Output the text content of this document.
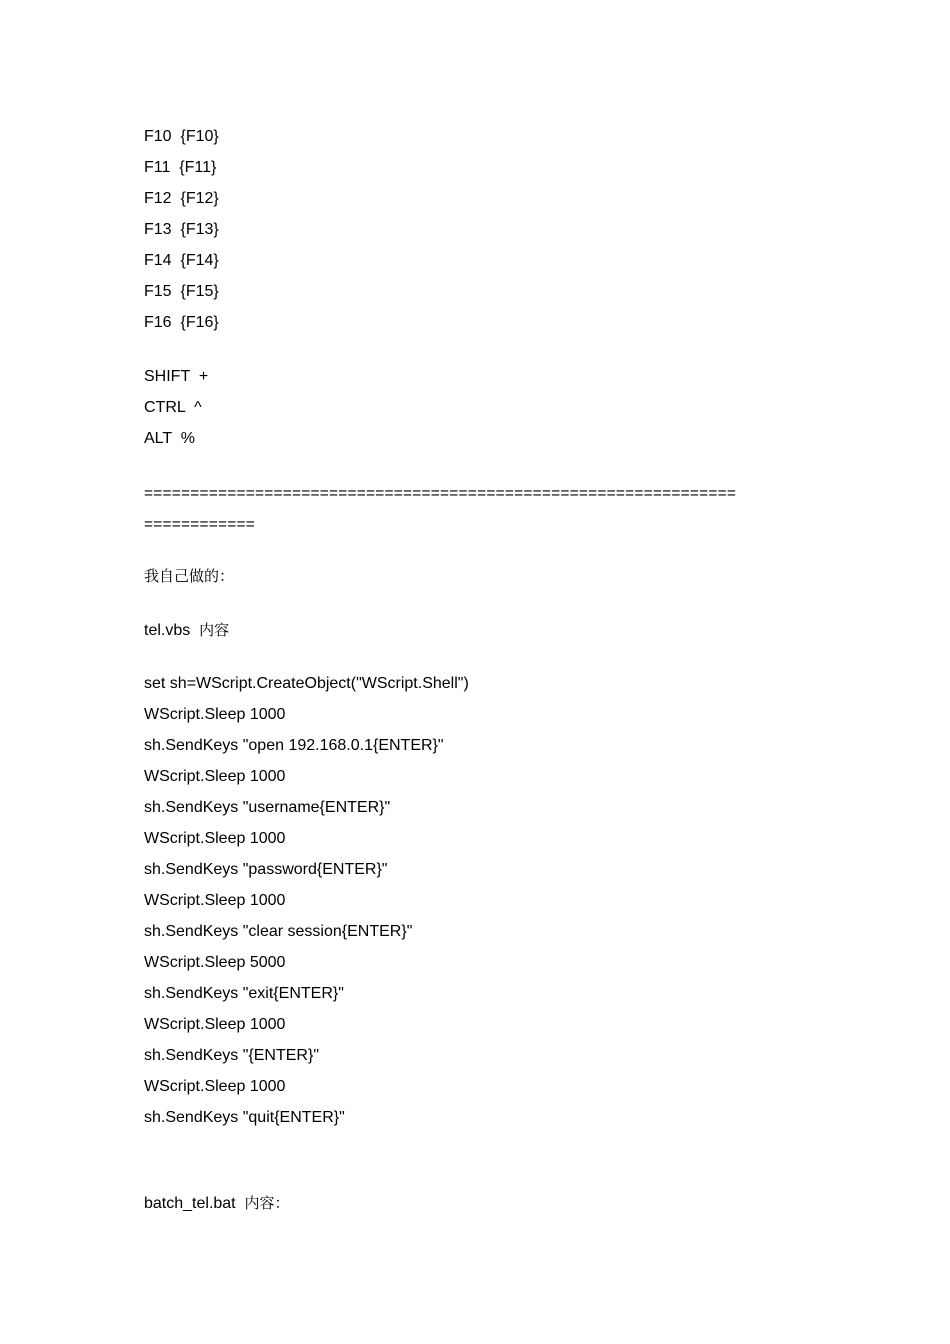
F10 {F10}
F11 {F11}
F12 {F12}
F13 {F13}
F14 {F14}
F15 {F15}
F16 {F16}
SHIFT +
CTRL ^
ALT %
================================================================
============
我自己做的：
tel.vbs 内容
set sh=WScript.CreateObject("WScript.Shell")
WScript.Sleep 1000
sh.SendKeys "open 192.168.0.1{ENTER}"
WScript.Sleep 1000
sh.SendKeys "username{ENTER}"
WScript.Sleep 1000
sh.SendKeys "password{ENTER}"
WScript.Sleep 1000
sh.SendKeys "clear session{ENTER}"
WScript.Sleep 5000
sh.SendKeys "exit{ENTER}"
WScript.Sleep 1000
sh.SendKeys "{ENTER}"
WScript.Sleep 1000
sh.SendKeys "quit{ENTER}"
batch_tel.bat 内容：
